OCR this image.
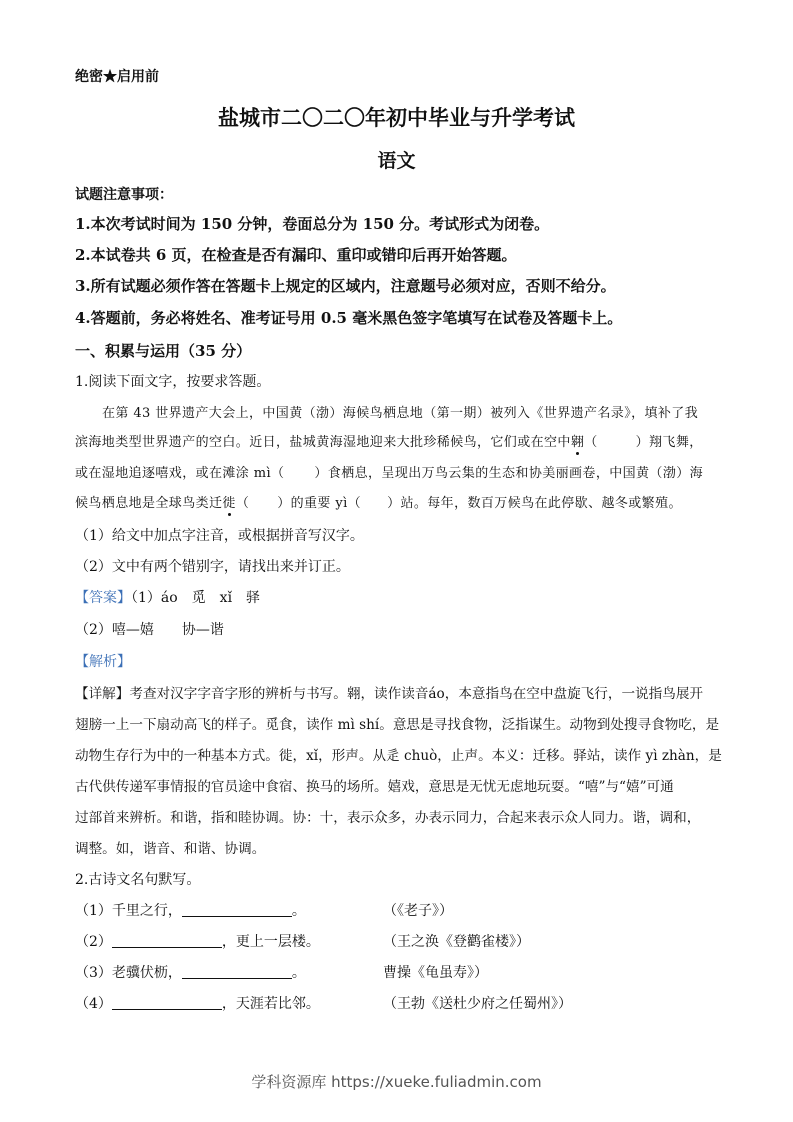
绝密★启用前
盐城市二〇二〇年初中毕业与升学考试
语文
试题注意事项：
1.本次考试时间为 150 分钟，卷面总分为 150 分。考试形式为闭卷。
2.本试卷共 6 页，在检查是否有漏印、重印或错印后再开始答题。
3.所有试题必须作答在答题卡上规定的区域内，注意题号必须对应，否则不给分。
4.答题前，务必将姓名、准考证号用 0.5 毫米黑色签字笔填写在试卷及答题卡上。
一、积累与运用（35 分）
1.阅读下面文字，按要求答题。
在第 43 世界遗产大会上，中国黄（渤）海候鸟栖息地（第一期）被列入《世界遗产名录》，填补了我
滨海地类型世界遗产的空白。近日，盐城黄海湿地迎来大批珍稀候鸟，它们或在空中翱（	）翔飞舞，
或在湿地追逐嘻戏，或在滩涂 mì（ ）食栖息，呈现出万鸟云集的生态和协美丽画卷，中国黄（渤）海
候鸟栖息地是全球鸟类迁徙（ ）的重要 yì（ ）站。每年，数百万候鸟在此停歇、越冬或繁殖。
（1）给文中加点字注音，或根据拼音写汉字。
（2）文中有两个错别字，请找出来并订正。
【答案】（1）áo　觅　xǐ　驿
（2）嘻—嬉　　协—谐
【解析】
【详解】考查对汉字字音字形的辨析与书写。翱，读作读音áo，本意指鸟在空中盘旋飞行，一说指鸟展开
翅膀一上一下扇动高飞的样子。觅食，读作 mì shí。意思是寻找食物，泛指谋生。动物到处搜寻食物吃，是
动物生存行为中的一种基本方式。徙，xǐ，形声。从辵 chuò，止声。本义：迁移。驿站，读作 yì zhàn，是
古代供传递军事情报的官员途中食宿、换马的场所。嬉戏，意思是无忧无虑地玩耍。“嘻”与“嬉”可通
过部首来辨析。和谐，指和睦协调。协：十，表示众多，办表示同力，合起来表示众人同力。谐，调和，
调整。如，谐音、和谐、协调。
2.古诗文名句默写。
（1）千里之行，	。	（《老子》）
（2）	，更上一层楼。	（王之涣《登鹳雀楼》）
（3）老骥伏枥，	。	曹操《龟虽寿》）
（4）	，天涯若比邻。	（王勃《送杜少府之任蜀州》）
学科资源库 https://xueke.fuliadmin.com
